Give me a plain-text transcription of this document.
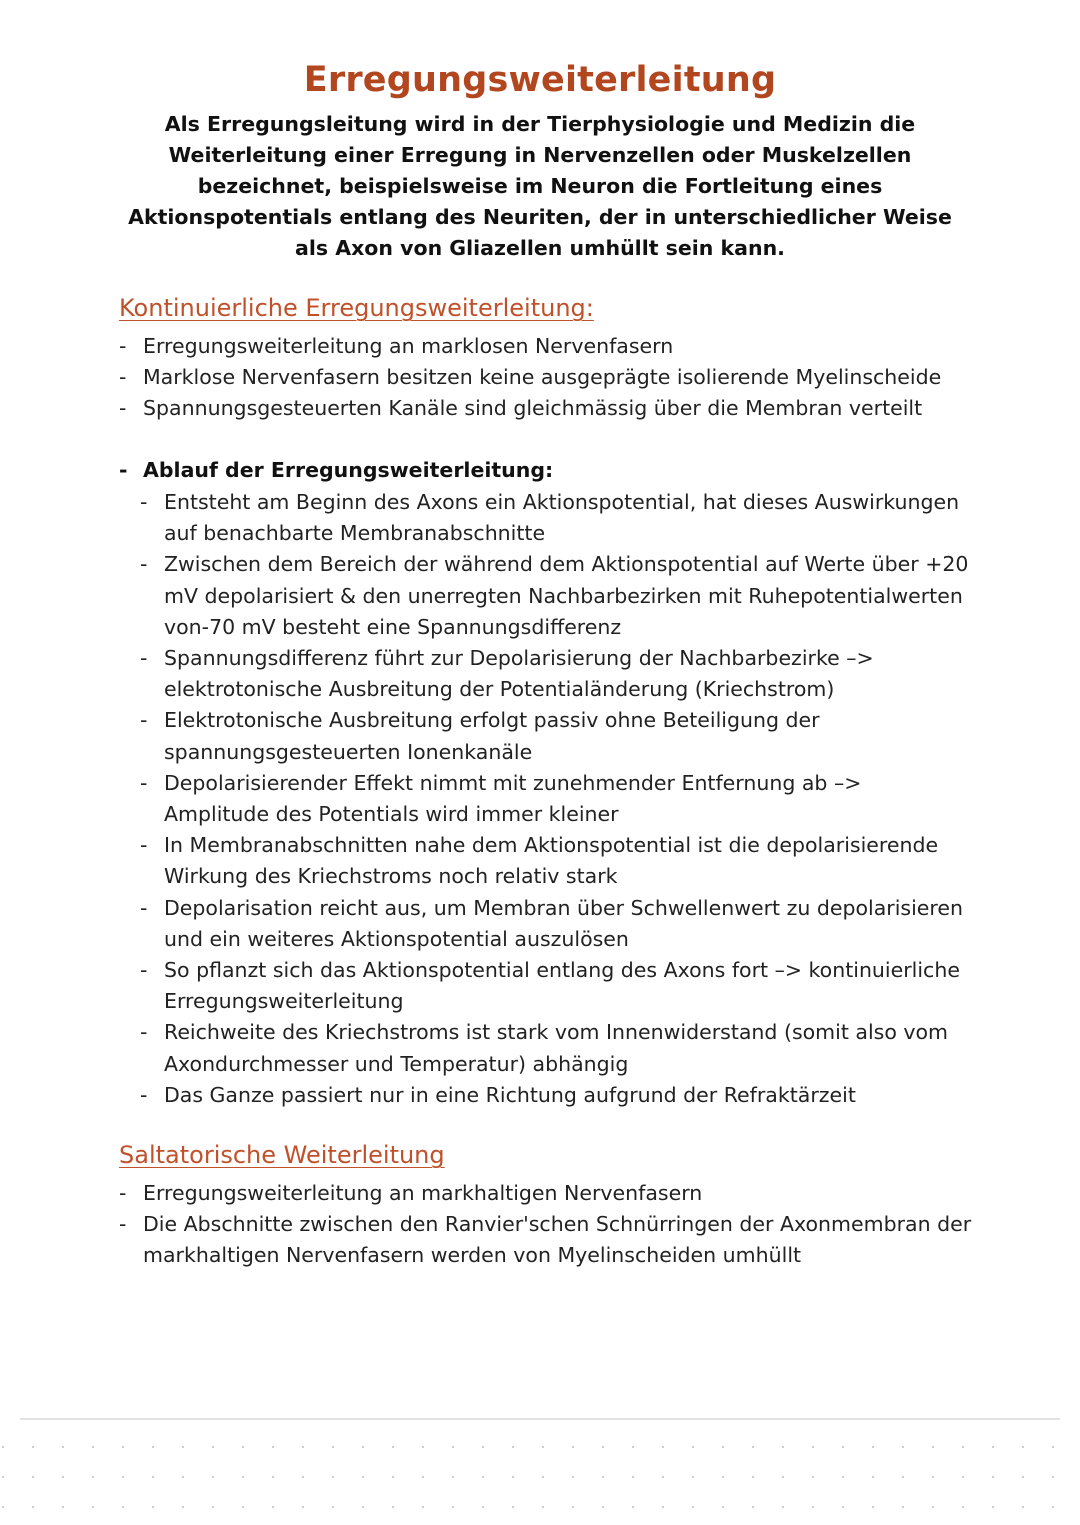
Erregungsweiterleitung

Als Erregungsleitung wird in der Tierphysiologie und Medizin die Weiterleitung einer Erregung in Nervenzellen oder Muskelzellen bezeichnet, beispielsweise im Neuron die Fortleitung eines Aktionspotentials entlang des Neuriten, der in unterschiedlicher Weise als Axon von Gliazellen umhüllt sein kann.

Kontinuierliche Erregungsweiterleitung:
- Erregungsweiterleitung an marklosen Nervenfasern
- Marklose Nervenfasern besitzen keine ausgeprägte isolierende Myelinscheide
- Spannungsgesteuerten Kanäle sind gleichmässig über die Membran verteilt
- Ablauf der Erregungsweiterleitung:
- Entsteht am Beginn des Axons ein Aktionspotential, hat dieses Auswirkungen auf benachbarte Membranabschnitte
- Zwischen dem Bereich der während dem Aktionspotential auf Werte über +20 mV depolarisiert & den unerregten Nachbarbezirken mit Ruhepotentialwerten von-70 mV besteht eine Spannungsdifferenz
- Spannungsdifferenz führt zur Depolarisierung der Nachbarbezirke –> elektrotonische Ausbreitung der Potentialänderung (Kriechstrom)
- Elektrotonische Ausbreitung erfolgt passiv ohne Beteiligung der spannungsgesteuerten Ionenkanäle
- Depolarisierender Effekt nimmt mit zunehmender Entfernung ab –> Amplitude des Potentials wird immer kleiner
- In Membranabschnitten nahe dem Aktionspotential ist die depolarisierende Wirkung des Kriechstroms noch relativ stark
- Depolarisation reicht aus, um Membran über Schwellenwert zu depolarisieren und ein weiteres Aktionspotential auszulösen
- So pflanzt sich das Aktionspotential entlang des Axons fort –> kontinuierliche Erregungsweiterleitung
- Reichweite des Kriechstroms ist stark vom Innenwiderstand (somit also vom Axondurchmesser und Temperatur) abhängig
- Das Ganze passiert nur in eine Richtung aufgrund der Refraktärzeit
Saltatorische Weiterleitung
- Erregungsweiterleitung an markhaltigen Nervenfasern
- Die Abschnitte zwischen den Ranvier'schen Schnürringen der Axonmembran der markhaltigen Nervenfasern werden von Myelinscheiden umhüllt
